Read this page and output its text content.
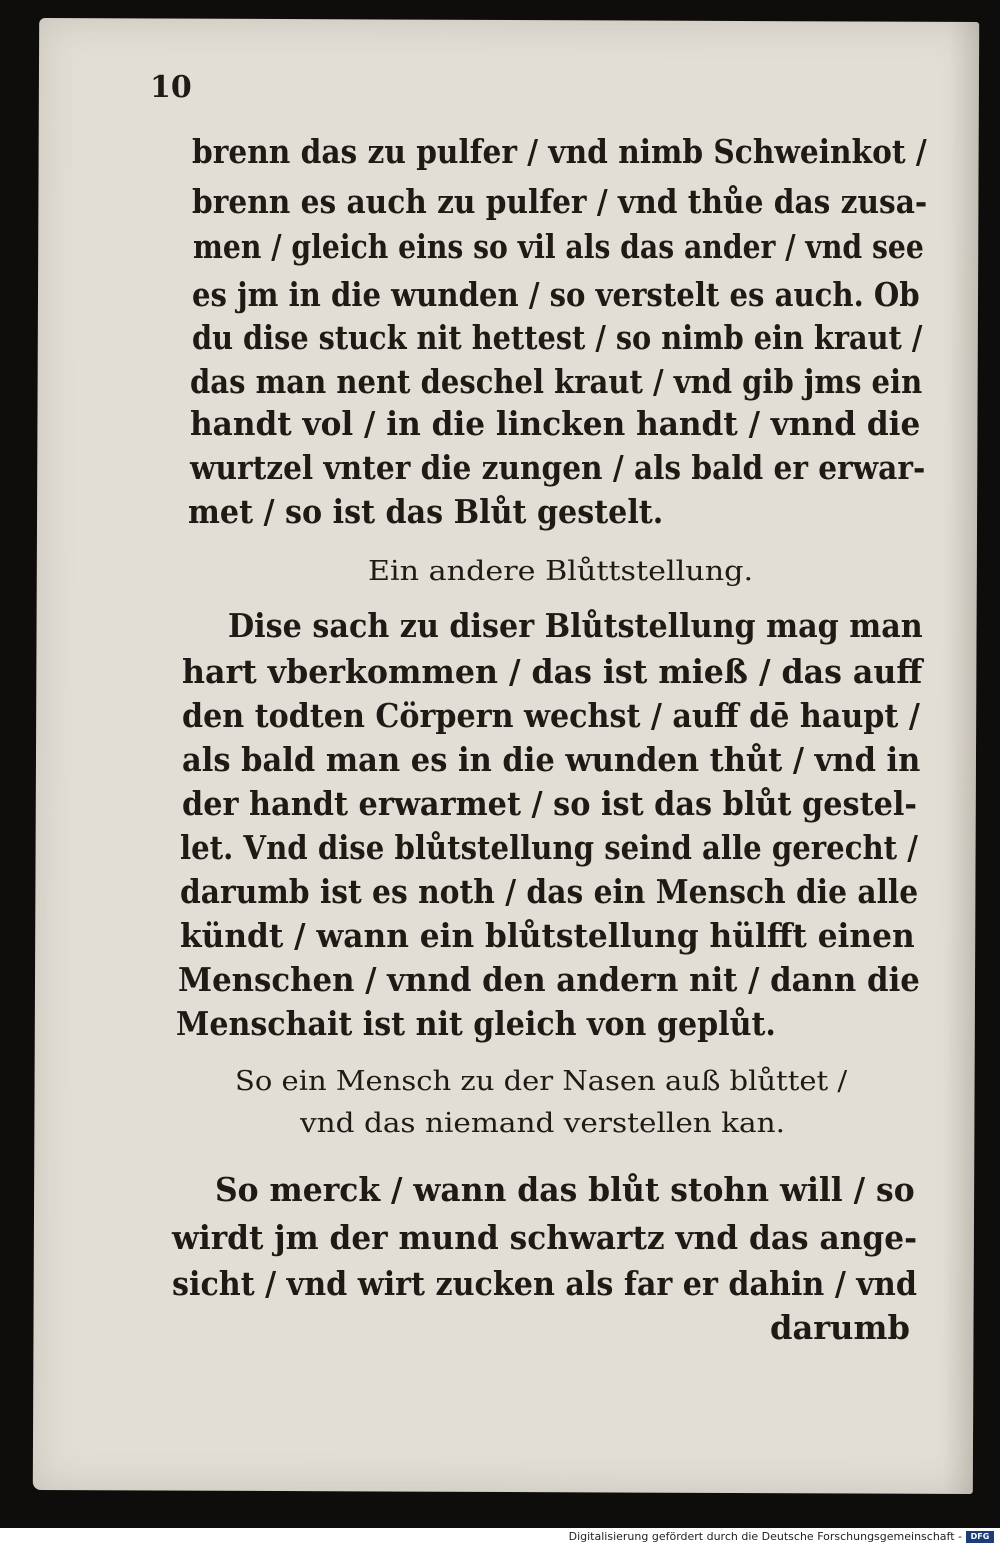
10
brenn das zu pulfer / vnd nimb Schweinkot /
brenn es auch zu pulfer / vnd thůe das zusa-
men / gleich eins so vil als das ander / vnd see
es jm in die wunden / so verstelt es auch. Ob
du dise stuck nit hettest / so nimb ein kraut /
das man nent deschel kraut / vnd gib jms ein
handt vol / in die lincken handt / vnnd die
wurtzel vnter die zungen / als bald er erwar-
met / so ist das Blůt gestelt.
Ein andere Blůttstellung.
Dise sach zu diser Blůtstellung mag man
hart vberkommen / das ist mieß / das auff
den todten Cörpern wechst / auff dē haupt /
als bald man es in die wunden thůt / vnd in
der handt erwarmet / so ist das blůt gestel-
let. Vnd dise blůtstellung seind alle gerecht /
darumb ist es noth / das ein Mensch die alle
kündt / wann ein blůtstellung hülfft einen
Menschen / vnnd den andern nit / dann die
Menschait ist nit gleich von geplůt.
So ein Mensch zu der Nasen auß blůttet /
vnd das niemand verstellen kan.
So merck / wann das blůt stohn will / so
wirdt jm der mund schwartz vnd das ange-
sicht / vnd wirt zucken als far er dahin / vnd
darumb
Digitalisierung gefördert durch die Deutsche Forschungsgemeinschaft -	DFG
